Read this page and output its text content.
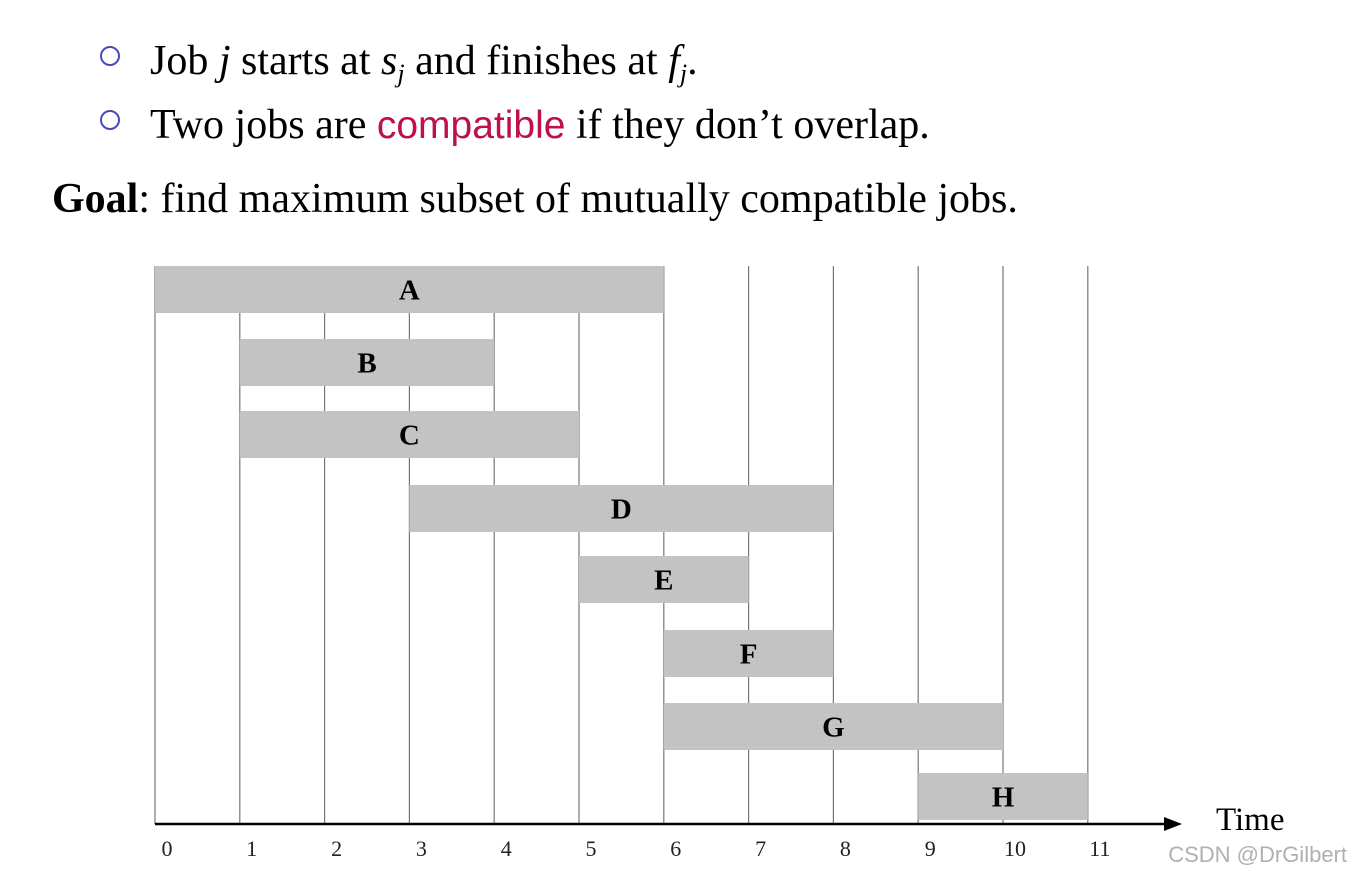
Job j starts at $s_j$ and finishes at $f_j$.
Two jobs are compatible if they don’t overlap.
Goal: find maximum subset of mutually compatible jobs.
A
B
C
D
E
F
G
H
Time
0	1	2	3	4	5	6	7	8	9	10	11	CSDN @DrGilbert
